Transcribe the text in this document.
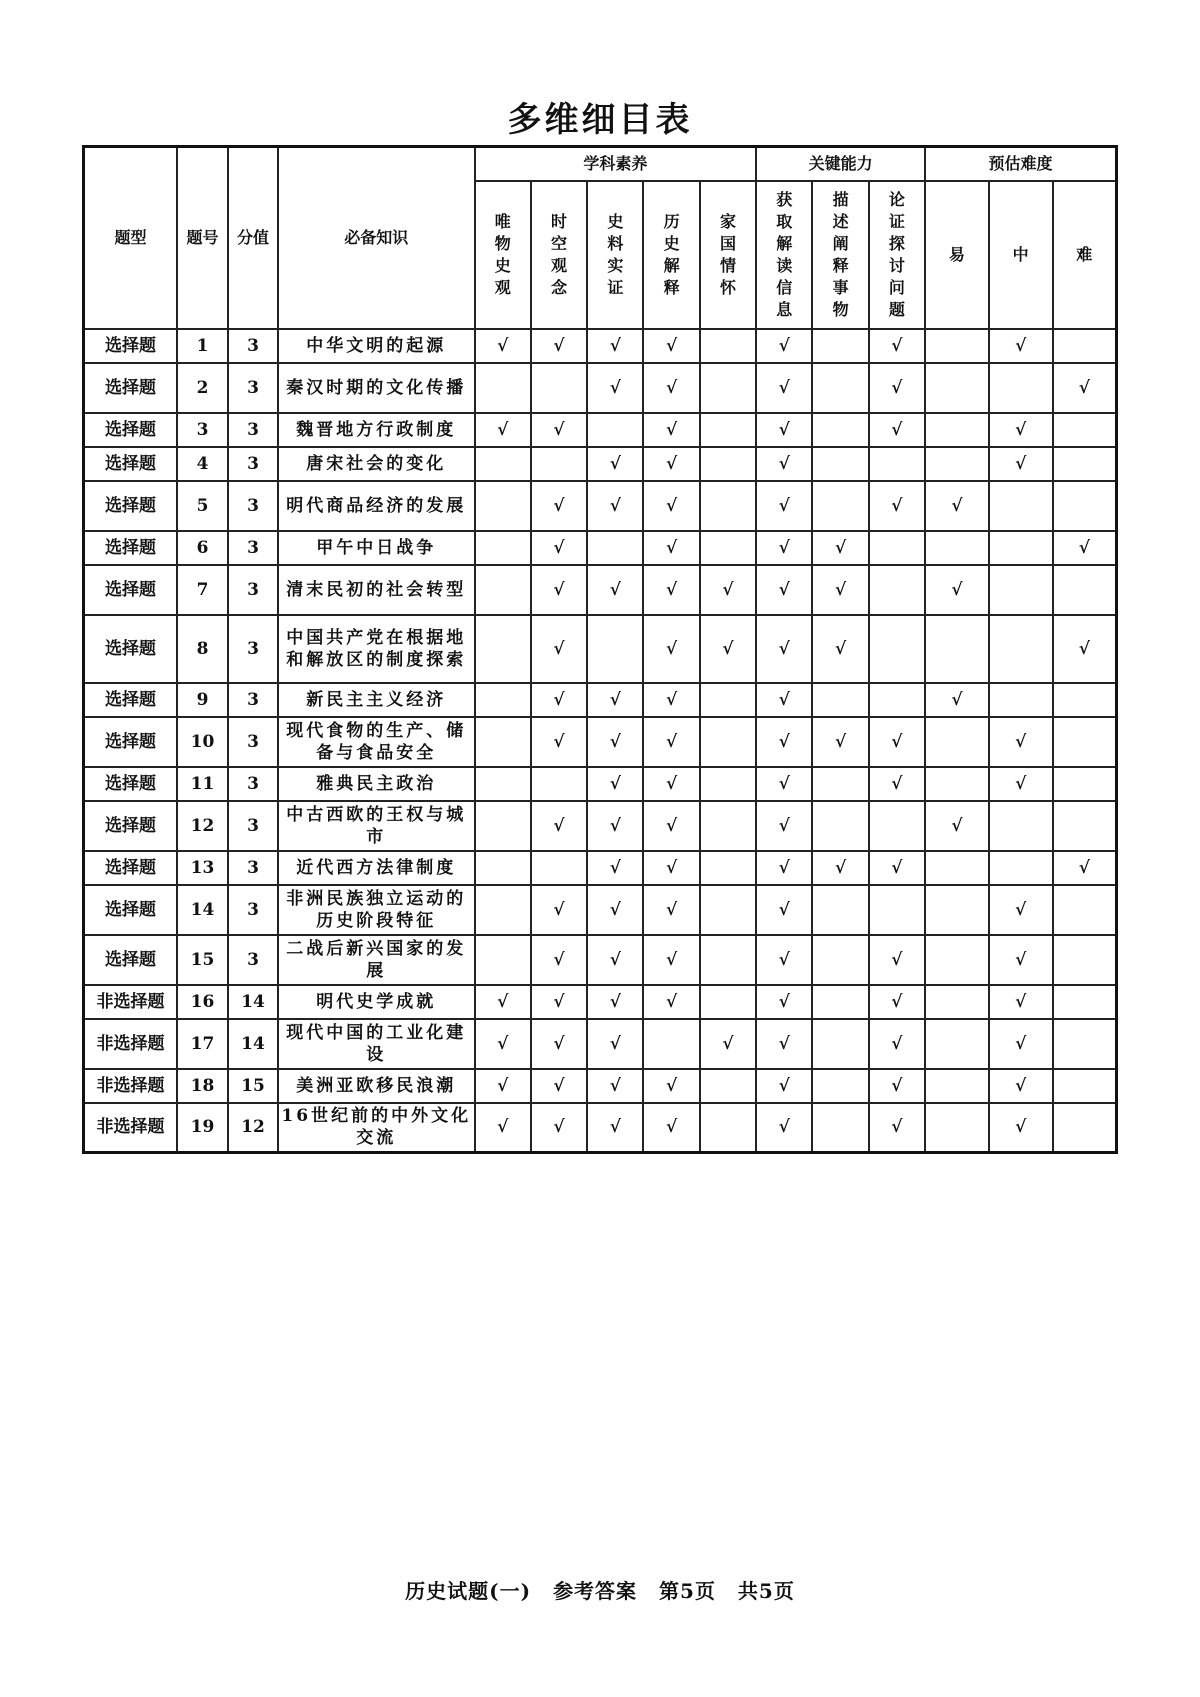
多维细目表
题型	题号	分值	必备知识	学科素养					关键能力			预估难度		
				唯物史观	时空观念	史料实证	历史解释	家国情怀	获取解读信息	描述阐释事物	论证探讨问题	易	中	难
选择题	1	3	中华文明的起源	√	√	√	√		√		√		√	
选择题	2	3	秦汉时期的文化传播			√	√		√		√			√
选择题	3	3	魏晋地方行政制度	√	√		√		√		√		√	
选择题	4	3	唐宋社会的变化			√	√		√				√	
选择题	5	3	明代商品经济的发展		√	√	√		√		√	√		
选择题	6	3	甲午中日战争		√		√		√	√				√
选择题	7	3	清末民初的社会转型		√	√	√	√	√	√		√		
选择题	8	3	中国共产党在根据地和解放区的制度探索		√		√	√	√	√				√
选择题	9	3	新民主主义经济		√	√	√		√			√		
选择题	10	3	现代食物的生产、储备与食品安全		√	√	√		√	√	√		√	
选择题	11	3	雅典民主政治			√	√		√		√		√	
选择题	12	3	中古西欧的王权与城市		√	√	√		√			√		
选择题	13	3	近代西方法律制度			√	√		√	√	√			√
选择题	14	3	非洲民族独立运动的历史阶段特征		√	√	√		√				√	
选择题	15	3	二战后新兴国家的发展		√	√	√		√		√		√	
非选择题	16	14	明代史学成就	√	√	√	√		√		√		√	
非选择题	17	14	现代中国的工业化建设	√	√	√		√	√		√		√	
非选择题	18	15	美洲亚欧移民浪潮	√	√	√	√		√		√		√	
非选择题	19	12	16世纪前的中外文化交流	√	√	√	√		√		√		√	
历史试题(一) 参考答案 第5页 共5页
